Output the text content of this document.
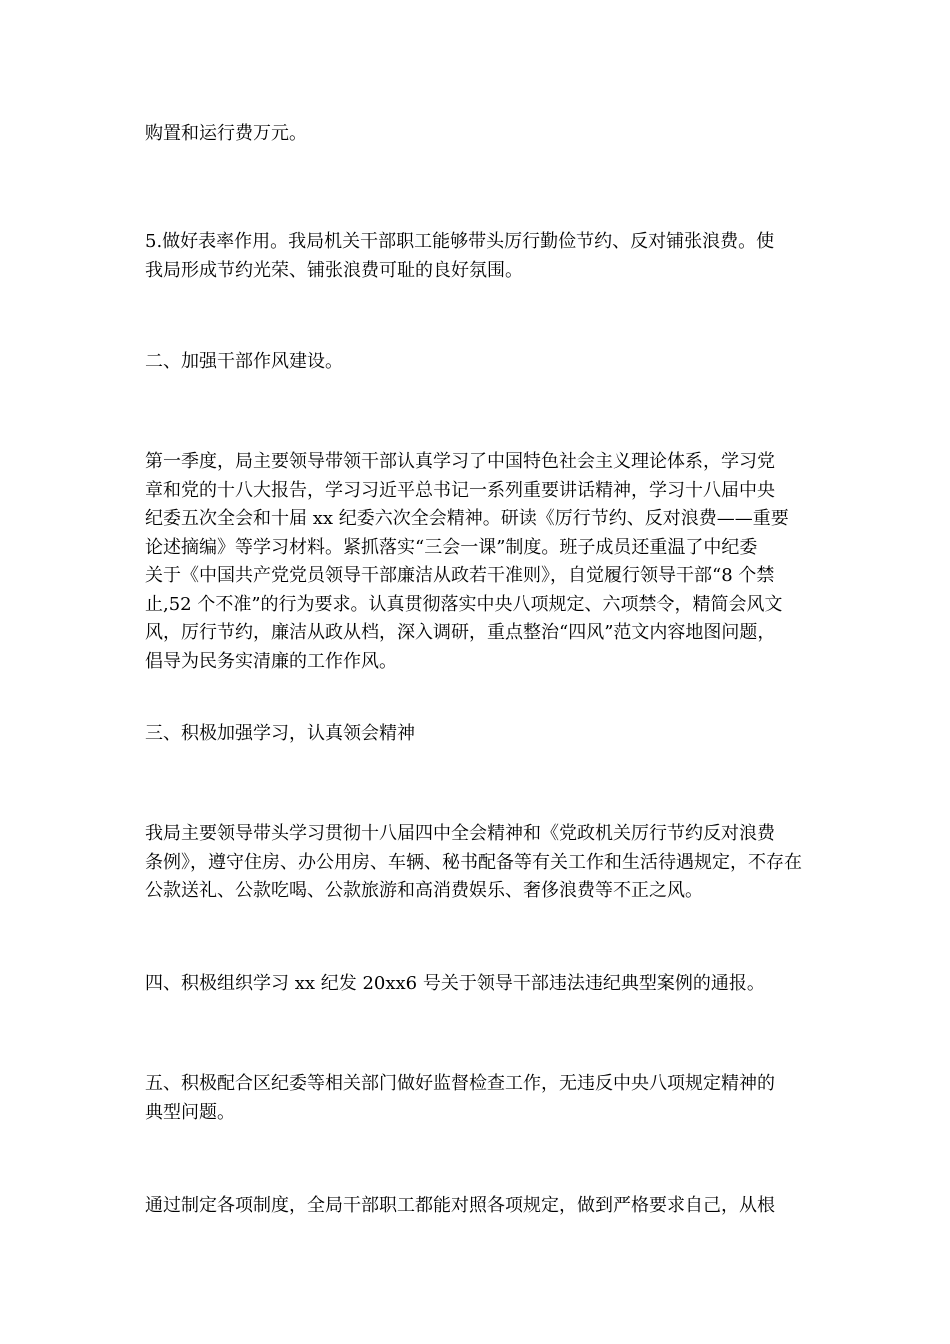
购置和运行费万元。
5.做好表率作用。我局机关干部职工能够带头厉行勤俭节约、反对铺张浪费。使
我局形成节约光荣、铺张浪费可耻的良好氛围。
二、加强干部作风建设。
第一季度，局主要领导带领干部认真学习了中国特色社会主义理论体系，学习党
章和党的十八大报告，学习习近平总书记一系列重要讲话精神，学习十八届中央
纪委五次全会和十届 xx 纪委六次全会精神。研读《厉行节约、反对浪费——重要
论述摘编》等学习材料。紧抓落实“三会一课”制度。班子成员还重温了中纪委
关于《中国共产党党员领导干部廉洁从政若干准则》，自觉履行领导干部“8 个禁
止,52 个不准”的行为要求。认真贯彻落实中央八项规定、六项禁令，精简会风文
风，厉行节约，廉洁从政从档，深入调研，重点整治“四风”范文内容地图问题，
倡导为民务实清廉的工作作风。
三、积极加强学习，认真领会精神
我局主要领导带头学习贯彻十八届四中全会精神和《党政机关厉行节约反对浪费
条例》，遵守住房、办公用房、车辆、秘书配备等有关工作和生活待遇规定，不存在
公款送礼、公款吃喝、公款旅游和高消费娱乐、奢侈浪费等不正之风。
四、积极组织学习 xx 纪发 20xx6 号关于领导干部违法违纪典型案例的通报。
五、积极配合区纪委等相关部门做好监督检查工作，无违反中央八项规定精神的
典型问题。
通过制定各项制度，全局干部职工都能对照各项规定，做到严格要求自己，从根
